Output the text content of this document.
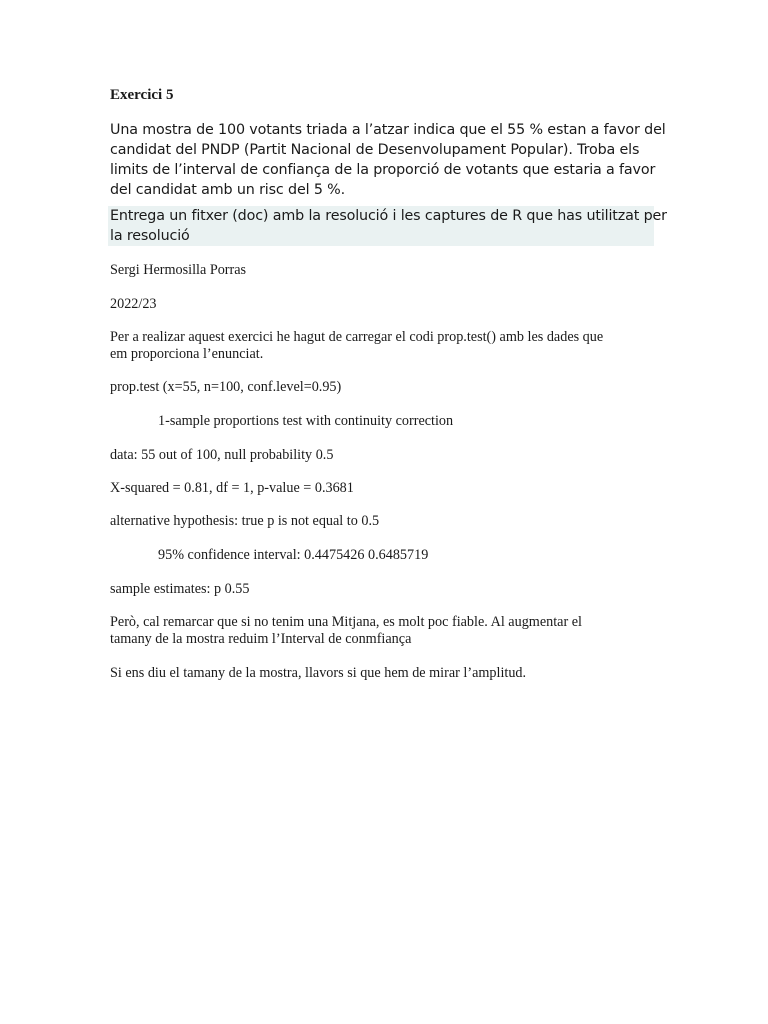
Exercici 5
Una mostra de 100 votants triada a l’atzar indica que el 55 % estan a favor del
candidat del PNDP (Partit Nacional de Desenvolupament Popular). Troba els
limits de l’interval de confiança de la proporció de votants que estaria a favor
del candidat amb un risc del 5 %.
Entrega un fitxer (doc) amb la resolució i les captures de R que has utilitzat per
la resolució
Sergi Hermosilla Porras
2022/23
Per a realizar aquest exercici he hagut de carregar el codi prop.test() amb les dades que
em proporciona l’enunciat.
prop.test (x=55, n=100, conf.level=0.95)
1-sample proportions test with continuity correction
data: 55 out of 100, null probability 0.5
X-squared = 0.81, df = 1, p-value = 0.3681
alternative hypothesis: true p is not equal to 0.5
95% confidence interval: 0.4475426 0.6485719
sample estimates: p 0.55
Però, cal remarcar que si no tenim una Mitjana, es molt poc fiable. Al augmentar el
tamany de la mostra reduim l’Interval de conmfiança
Si ens diu el tamany de la mostra, llavors si que hem de mirar l’amplitud.
